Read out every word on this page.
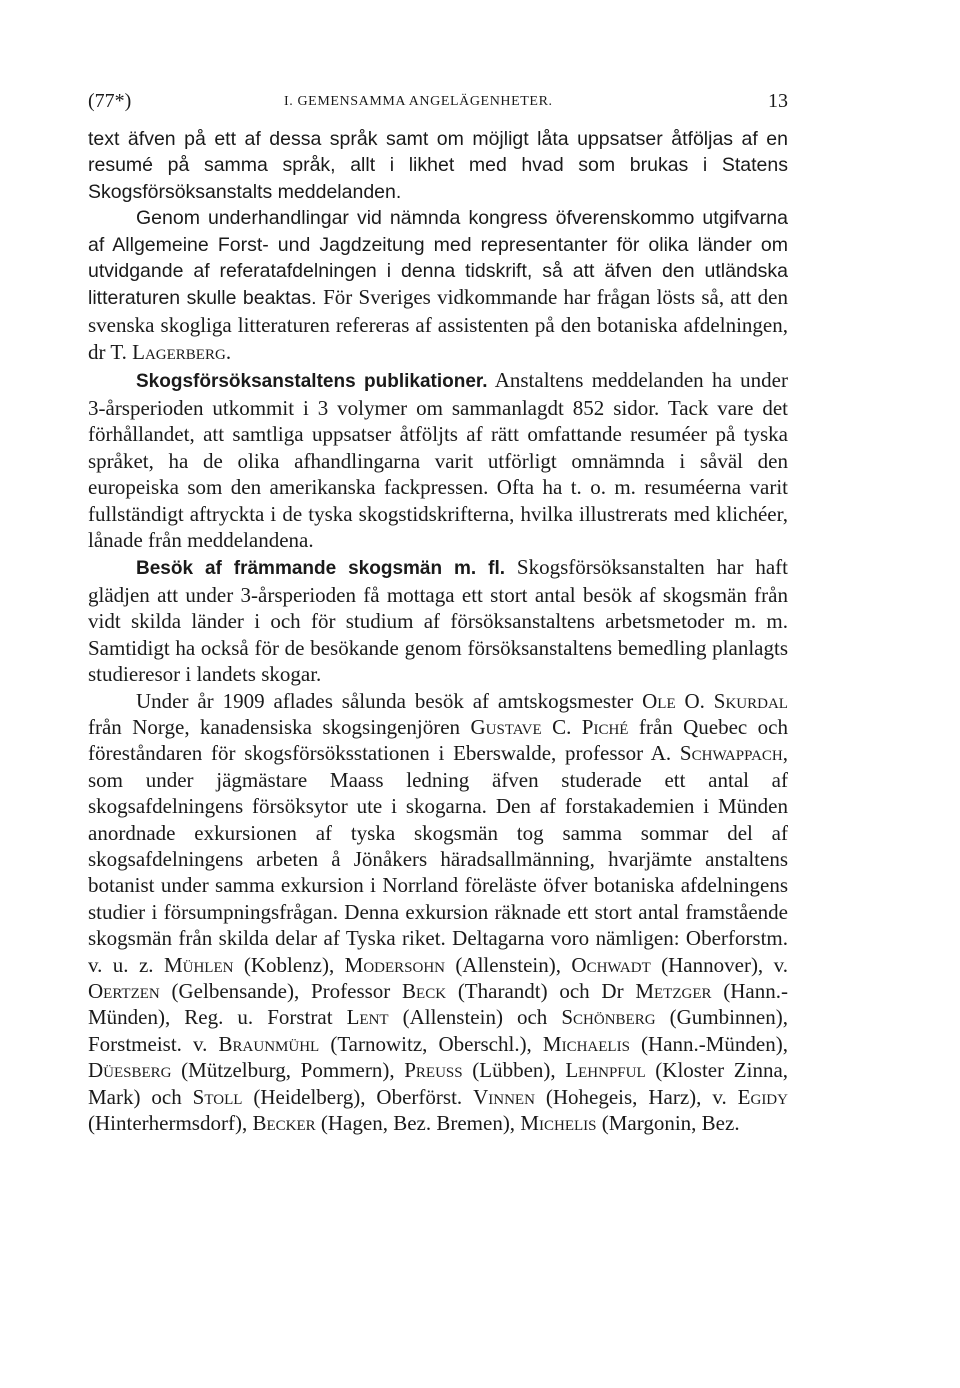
(77*)	I. GEMENSAMMA ANGELÄGENHETER.	13

text äfven på ett af dessa språk samt om möjligt låta uppsatser åtföljas af en resumé på samma språk, allt i likhet med hvad som brukas i Statens Skogsförsöksanstalts meddelanden.

Genom underhandlingar vid nämnda kongress öfverenskommo utgifvarna af Allgemeine Forst- und Jagdzeitung med representanter för olika länder om utvidgande af referatafdelningen i denna tidskrift, så att äfven den utländska litteraturen skulle beaktas. För Sveriges vidkommande har frågan lösts så, att den svenska skogliga litteraturen refereras af assistenten på den botaniska afdelningen, dr T. Lagerberg.

Skogsförsöksanstaltens publikationer. Anstaltens meddelanden ha under 3-årsperioden utkommit i 3 volymer om sammanlagdt 852 sidor. Tack vare det förhållandet, att samtliga uppsatser åtföljts af rätt omfattande resuméer på tyska språket, ha de olika afhandlingarna varit utförligt omnämnda i såväl den europeiska som den amerikanska fackpressen. Ofta ha t. o. m. resuméerna varit fullständigt aftryckta i de tyska skogstidskrifterna, hvilka illustrerats med klichéer, lånade från meddelandena.

Besök af främmande skogsmän m. fl. Skogsförsöksanstalten har haft glädjen att under 3-årsperioden få mottaga ett stort antal besök af skogsmän från vidt skilda länder i och för studium af försöksanstaltens arbetsmetoder m. m. Samtidigt ha också för de besökande genom försöksanstaltens bemedling planlagts studieresor i landets skogar.

Under år 1909 aflades sålunda besök af amtskogsmester Ole O. Skurdal från Norge, kanadensiska skogsingenjören Gustave C. Piché från Quebec och föreståndaren för skogsförsöksstationen i Eberswalde, professor A. Schwappach, som under jägmästare Maass ledning äfven studerade ett antal af skogsafdelningens försöksytor ute i skogarna. Den af forstakademien i Münden anordnade exkursionen af tyska skogsmän tog samma sommar del af skogsafdelningens arbeten å Jönåkers häradsallmänning, hvarjämte anstaltens botanist under samma exkursion i Norrland föreläste öfver botaniska afdelningens studier i försumpningsfrågan. Denna exkursion räknade ett stort antal framstående skogsmän från skilda delar af Tyska riket. Deltagarna voro nämligen: Oberforstm. v. u. z. Mühlen (Koblenz), Modersohn (Allenstein), Ochwadt (Hannover), v. Oertzen (Gelbensande), Professor Beck (Tharandt) och Dr Metzger (Hann.-Münden), Reg. u. Forstrat Lent (Allenstein) och Schönberg (Gumbinnen), Forstmeist. v. Braunmühl (Tarnowitz, Oberschl.), Michaelis (Hann.-Münden), Düesberg (Mützelburg, Pommern), Preuss (Lübben), Lehnpful (Kloster Zinna, Mark) och Stoll (Heidelberg), Oberförst. Vinnen (Hohegeis, Harz), v. Egidy (Hinterhermsdorf), Becker (Hagen, Bez. Bremen), Michelis (Margonin, Bez.
